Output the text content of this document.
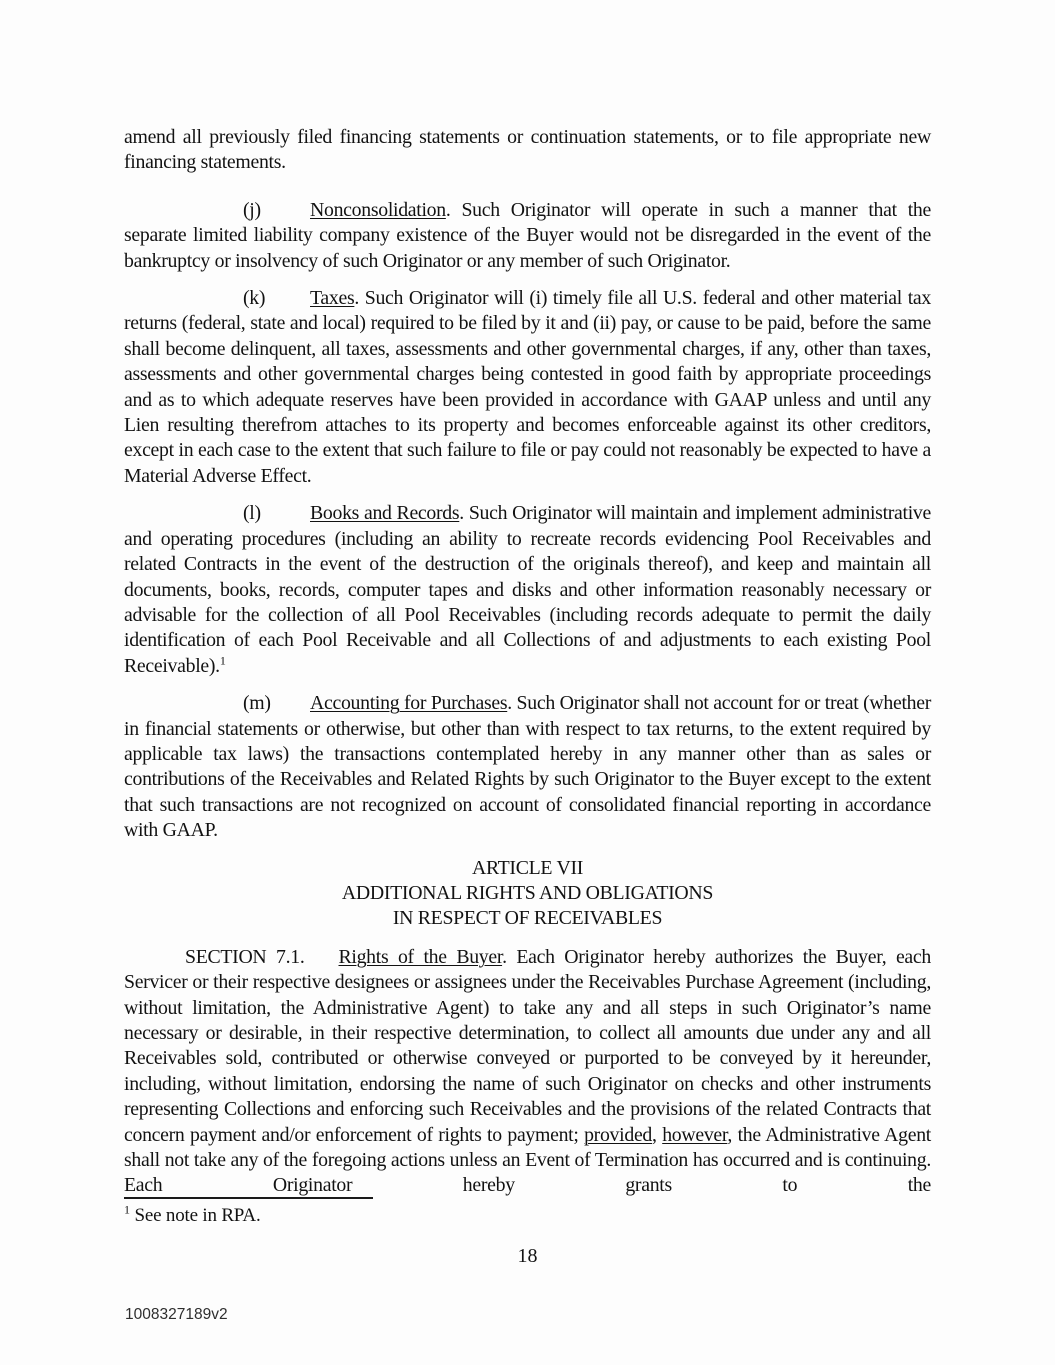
amend all previously filed financing statements or continuation statements, or to file appropriate new financing statements.

(j) Nonconsolidation. Such Originator will operate in such a manner that the separate limited liability company existence of the Buyer would not be disregarded in the event of the bankruptcy or insolvency of such Originator or any member of such Originator.

(k) Taxes. Such Originator will (i) timely file all U.S. federal and other material tax returns (federal, state and local) required to be filed by it and (ii) pay, or cause to be paid, before the same shall become delinquent, all taxes, assessments and other governmental charges, if any, other than taxes, assessments and other governmental charges being contested in good faith by appropriate proceedings and as to which adequate reserves have been provided in accordance with GAAP unless and until any Lien resulting therefrom attaches to its property and becomes enforceable against its other creditors, except in each case to the extent that such failure to file or pay could not reasonably be expected to have a Material Adverse Effect.

(l) Books and Records. Such Originator will maintain and implement administrative and operating procedures (including an ability to recreate records evidencing Pool Receivables and related Contracts in the event of the destruction of the originals thereof), and keep and maintain all documents, books, records, computer tapes and disks and other information reasonably necessary or advisable for the collection of all Pool Receivables (including records adequate to permit the daily identification of each Pool Receivable and all Collections of and adjustments to each existing Pool Receivable).$^1$

(m) Accounting for Purchases. Such Originator shall not account for or treat (whether in financial statements or otherwise, but other than with respect to tax returns, to the extent required by applicable tax laws) the transactions contemplated hereby in any manner other than as sales or contributions of the Receivables and Related Rights by such Originator to the Buyer except to the extent that such transactions are not recognized on account of consolidated financial reporting in accordance with GAAP.

ARTICLE VII
ADDITIONAL RIGHTS AND OBLIGATIONS
IN RESPECT OF RECEIVABLES

SECTION 7.1. Rights of the Buyer. Each Originator hereby authorizes the Buyer, each Servicer or their respective designees or assignees under the Receivables Purchase Agreement (including, without limitation, the Administrative Agent) to take any and all steps in such Originator’s name necessary or desirable, in their respective determination, to collect all amounts due under any and all Receivables sold, contributed or otherwise conveyed or purported to be conveyed by it hereunder, including, without limitation, endorsing the name of such Originator on checks and other instruments representing Collections and enforcing such Receivables and the provisions of the related Contracts that concern payment and/or enforcement of rights to payment; provided, however, the Administrative Agent shall not take any of the foregoing actions unless an Event of Termination has occurred and is continuing. Each Originator hereby grants to the

$^1$ See note in RPA.
18
1008327189v2
